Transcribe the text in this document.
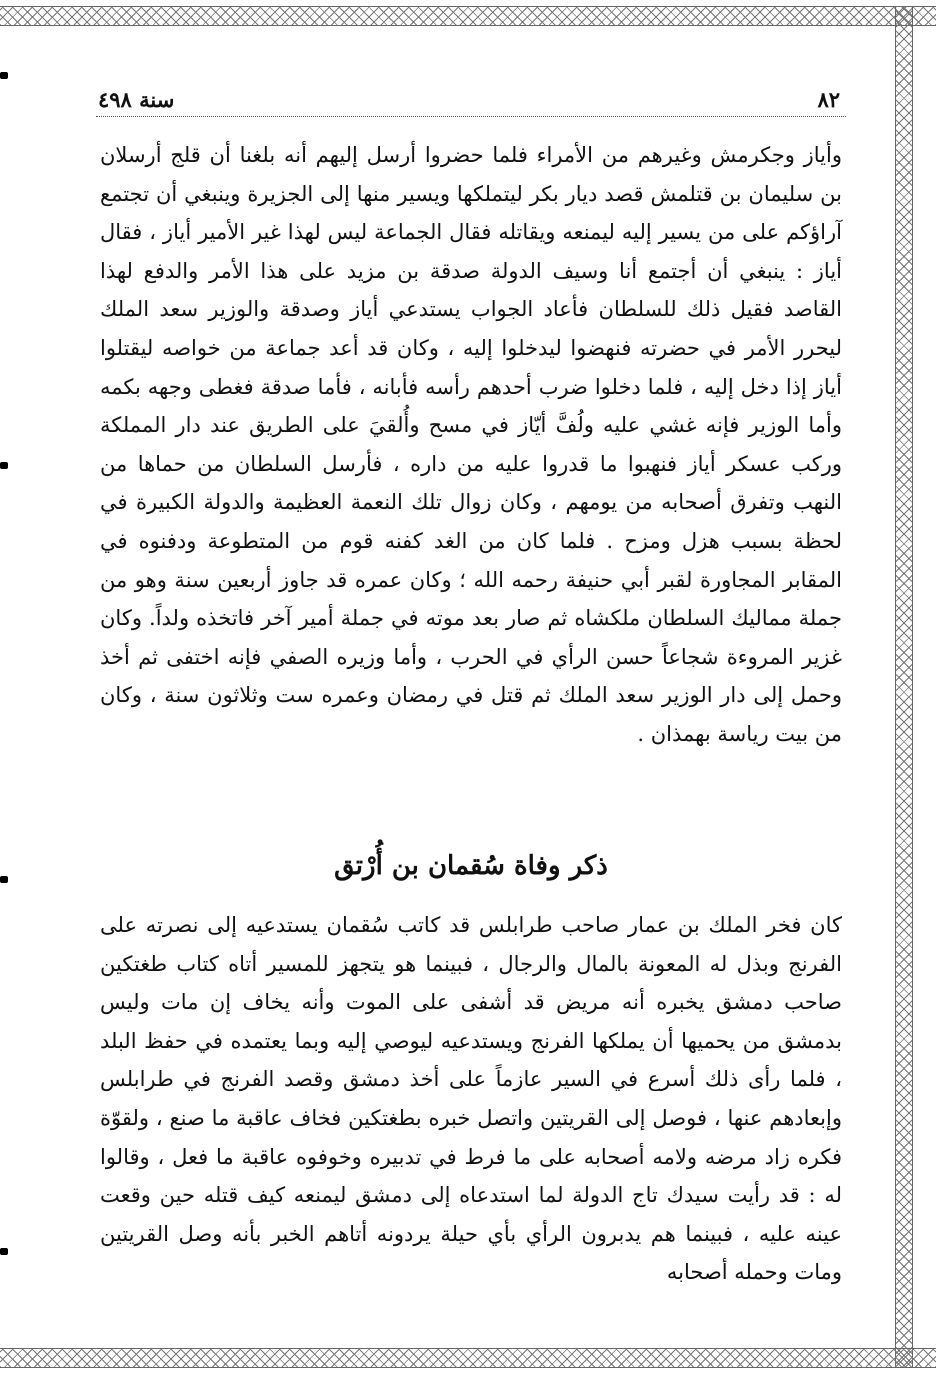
٨٢
سنة ٤٩٨

وأياز وجكرمش وغيرهم من الأمراء فلما حضروا أرسل إليهم أنه بلغنا أن قلج أرسلان بن سليمان بن قتلمش قصد ديار بكر ليتملكها ويسير منها إلى الجزيرة وينبغي أن تجتمع آراؤكم على من يسير إليه ليمنعه ويقاتله فقال الجماعة ليس لهذا غير الأمير أياز ، فقال أياز : ينبغي أن أجتمع أنا وسيف الدولة صدقة بن مزيد على هذا الأمر والدفع لهذا القاصد فقيل ذلك للسلطان فأعاد الجواب يستدعي أياز وصدقة والوزير سعد الملك ليحرر الأمر في حضرته فنهضوا ليدخلوا إليه ، وكان قد أعد جماعة من خواصه ليقتلوا أياز إذا دخل إليه ، فلما دخلوا ضرب أحدهم رأسه فأبانه ، فأما صدقة فغطى وجهه بكمه وأما الوزير فإنه غشي عليه ولُفَّ أيّاز في مسح وأُلقيَ على الطريق عند دار المملكة وركب عسكر أياز فنهبوا ما قدروا عليه من داره ، فأرسل السلطان من حماها من النهب وتفرق أصحابه من يومهم ، وكان زوال تلك النعمة العظيمة والدولة الكبيرة في لحظة بسبب هزل ومزح . فلما كان من الغد كفنه قوم من المتطوعة ودفنوه في المقابر المجاورة لقبر أبي حنيفة رحمه الله ؛ وكان عمره قد جاوز أربعين سنة وهو من جملة مماليك السلطان ملكشاه ثم صار بعد موته في جملة أمير آخر فاتخذه ولداً. وكان غزير المروءة شجاعاً حسن الرأي في الحرب ، وأما وزيره الصفي فإنه اختفى ثم أخذ وحمل إلى دار الوزير سعد الملك ثم قتل في رمضان وعمره ست وثلاثون سنة ، وكان من بيت رياسة بهمذان .

ذكر وفاة سُقمان بن أُرْتق

كان فخر الملك بن عمار صاحب طرابلس قد كاتب سُقمان يستدعيه إلى نصرته على الفرنج وبذل له المعونة بالمال والرجال ، فبينما هو يتجهز للمسير أتاه كتاب طغتكين صاحب دمشق يخبره أنه مريض قد أشفى على الموت وأنه يخاف إن مات وليس بدمشق من يحميها أن يملكها الفرنج ويستدعيه ليوصي إليه وبما يعتمده في حفظ البلد ، فلما رأى ذلك أسرع في السير عازماً على أخذ دمشق وقصد الفرنج في طرابلس وإبعادهم عنها ، فوصل إلى القريتين واتصل خبره بطغتكين فخاف عاقبة ما صنع ، ولقوّة فكره زاد مرضه ولامه أصحابه على ما فرط في تدبيره وخوفوه عاقبة ما فعل ، وقالوا له : قد رأيت سيدك تاج الدولة لما استدعاه إلى دمشق ليمنعه كيف قتله حين وقعت عينه عليه ، فبينما هم يدبرون الرأي بأي حيلة يردونه أتاهم الخبر بأنه وصل القريتين ومات وحمله أصحابه
